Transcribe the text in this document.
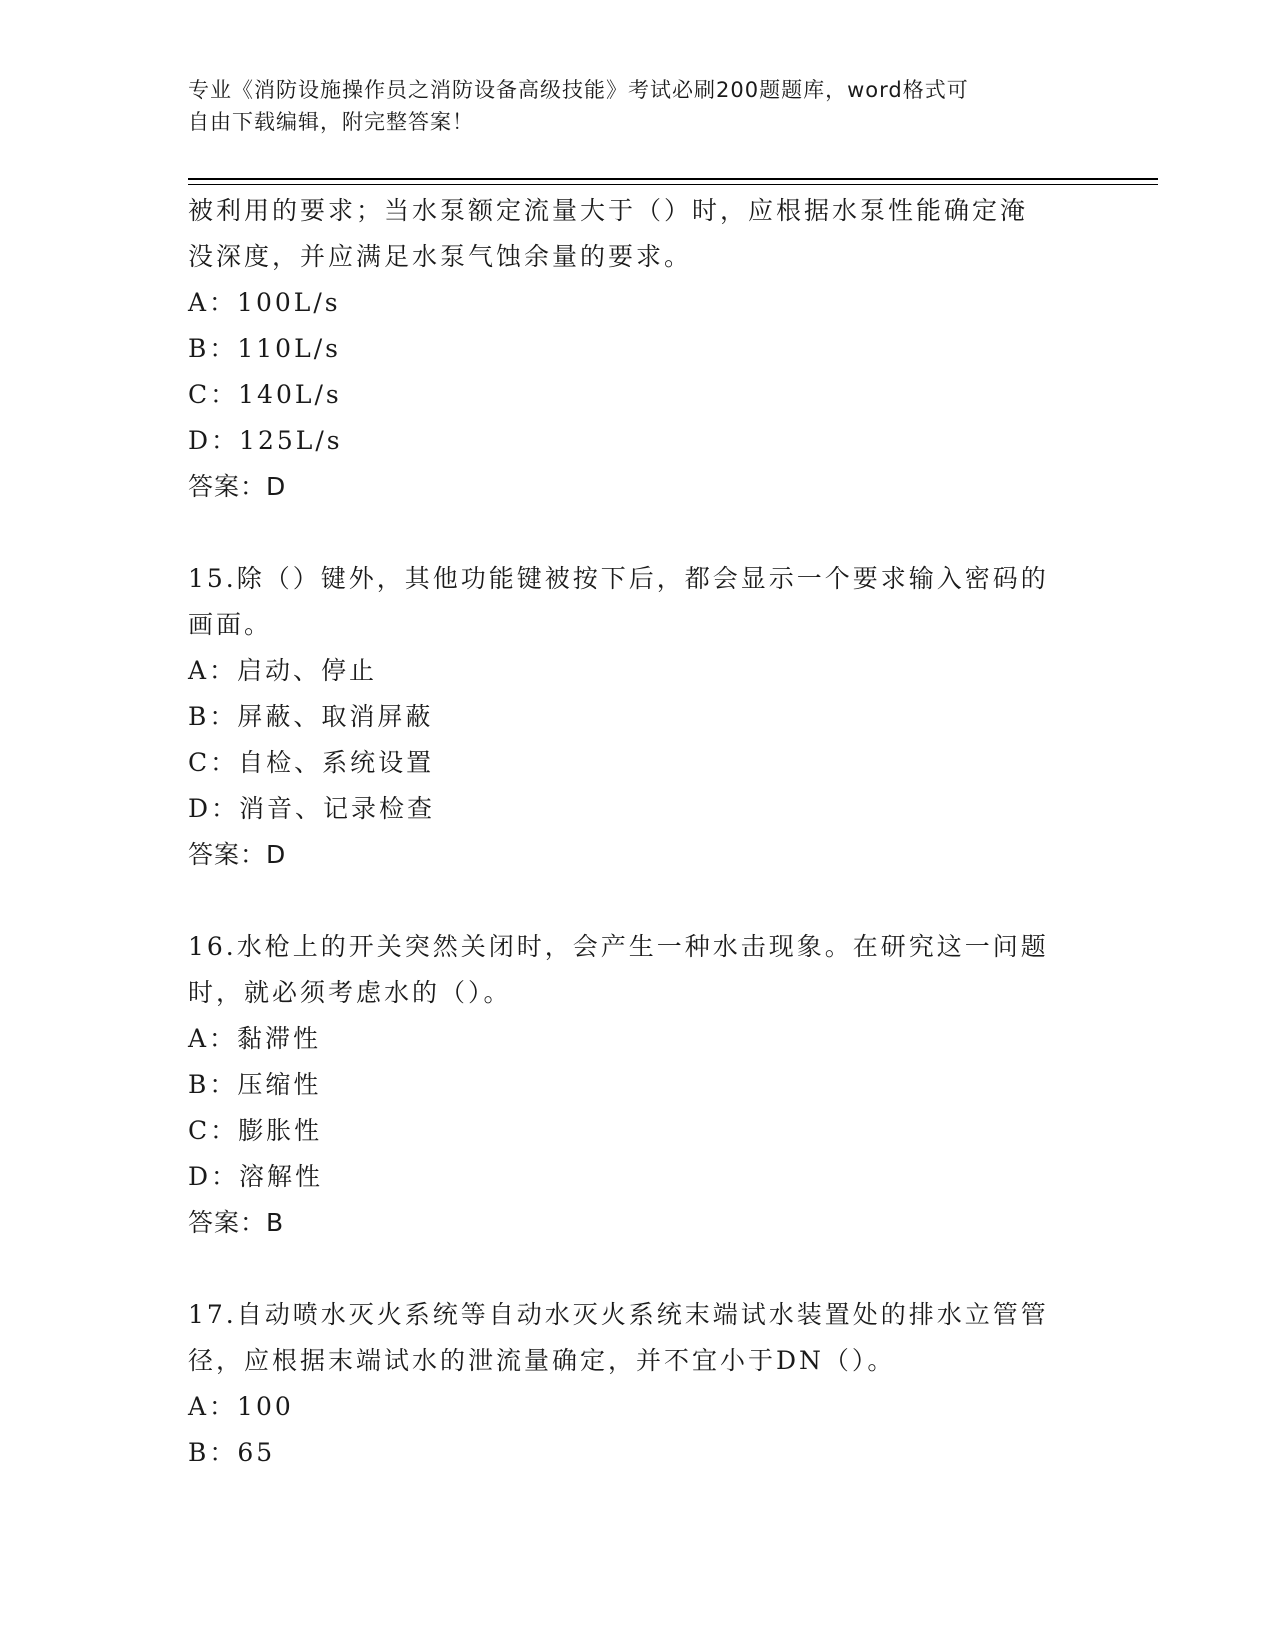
专业《消防设施操作员之消防设备高级技能》考试必刷200题题库，word格式可
自由下载编辑，附完整答案！
被利用的要求；当水泵额定流量大于（）时，应根据水泵性能确定淹
没深度，并应满足水泵气蚀余量的要求。
A：100L/s
B：110L/s
C：140L/s
D：125L/s
答案：D
15.除（）键外，其他功能键被按下后，都会显示一个要求输入密码的
画面。
A：启动、停止
B：屏蔽、取消屏蔽
C：自检、系统设置
D：消音、记录检查
答案：D
16.水枪上的开关突然关闭时，会产生一种水击现象。在研究这一问题
时，就必须考虑水的（）。
A：黏滞性
B：压缩性
C：膨胀性
D：溶解性
答案：B
17.自动喷水灭火系统等自动水灭火系统末端试水装置处的排水立管管
径，应根据末端试水的泄流量确定，并不宜小于DN（）。
A：100
B：65
